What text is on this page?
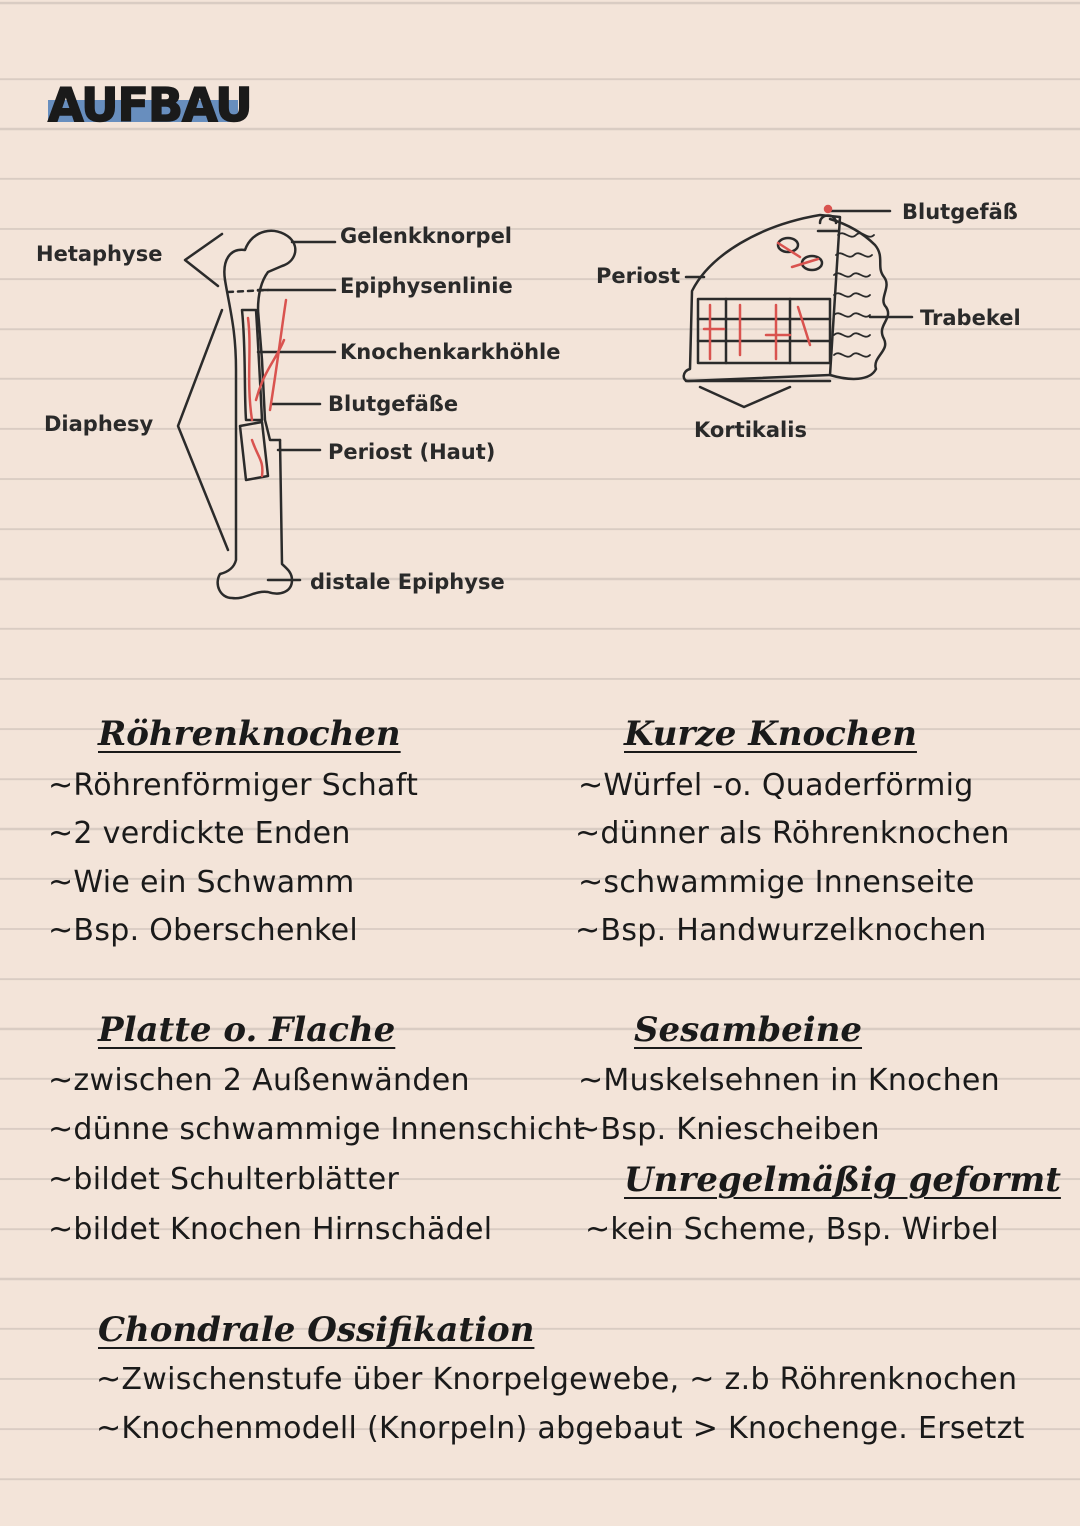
AUFBAU
Hetaphyse
Diaphesy
Gelenkknorpel
Epiphysenlinie
Knochenkarkhöhle
Blutgefäße
Periost (Haut)
distale Epiphyse
Blutgefäß
Periost
Trabekel
Kortikalis
Röhrenknochen
~Röhrenförmiger Schaft
~2 verdickte Enden
~Wie ein Schwamm
~Bsp. Oberschenkel
Kurze Knochen
~Würfel -o. Quaderförmig
~dünner als Röhrenknochen
~schwammige Innenseite
~Bsp. Handwurzelknochen
Platte o. Flache
~zwischen 2 Außenwänden
~dünne schwammige Innenschicht
~bildet Schulterblätter
~bildet Knochen Hirnschädel
Sesambeine
~Muskelsehnen in Knochen
~Bsp. Kniescheiben
Unregelmäßig geformt
~kein Scheme, Bsp. Wirbel
Chondrale Ossifikation
~Zwischenstufe über Knorpelgewebe, ~ z.b Röhrenknochen
~Knochenmodell (Knorpeln) abgebaut > Knochenge. Ersetzt
